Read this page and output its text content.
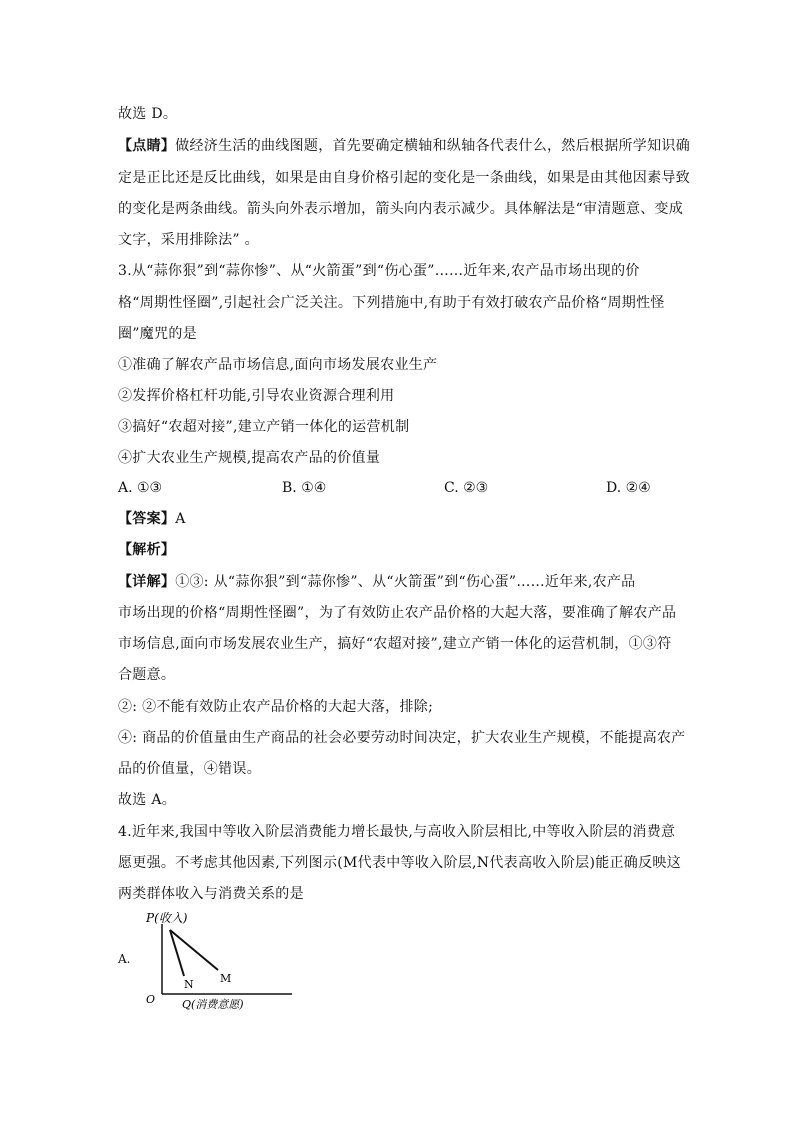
故选 D。
【点睛】做经济生活的曲线图题，首先要确定横轴和纵轴各代表什么，然后根据所学知识确
定是正比还是反比曲线，如果是由自身价格引起的变化是一条曲线，如果是由其他因素导致
的变化是两条曲线。箭头向外表示增加，箭头向内表示减少。具体解法是“审清题意、变成
文字，采用排除法” 。
3.从“蒜你狠”到“蒜你惨”、从“火箭蛋”到“伤心蛋”……近年来,农产品市场出现的价
格“周期性怪圈”,引起社会广泛关注。下列措施中,有助于有效打破农产品价格“周期性怪
圈”魔咒的是
①准确了解农产品市场信息,面向市场发展农业生产
②发挥价格杠杆功能,引导农业资源合理利用
③搞好“农超对接”,建立产销一体化的运营机制
④扩大农业生产规模,提高农产品的价值量
A. ①③	B. ①④	C. ②③	D. ②④
【答案】A
【解析】
【详解】①③: 从“蒜你狠”到“蒜你惨”、从“火箭蛋”到“伤心蛋”……近年来,农产品
市场出现的价格“周期性怪圈”，为了有效防止农产品价格的大起大落，要准确了解农产品
市场信息,面向市场发展农业生产，搞好“农超对接”,建立产销一体化的运营机制，①③符
合题意。
②: ②不能有效防止农产品价格的大起大落，排除;
④: 商品的价值量由生产商品的社会必要劳动时间决定，扩大农业生产规模，不能提高农产
品的价值量，④错误。
故选 A。
4.近年来,我国中等收入阶层消费能力增长最快,与高收入阶层相比,中等收入阶层的消费意
愿更强。不考虑其他因素,下列图示(M代表中等收入阶层,N代表高收入阶层)能正确反映这
两类群体收入与消费关系的是
A.
P(收入)
Q(消费意愿)
O
N M
